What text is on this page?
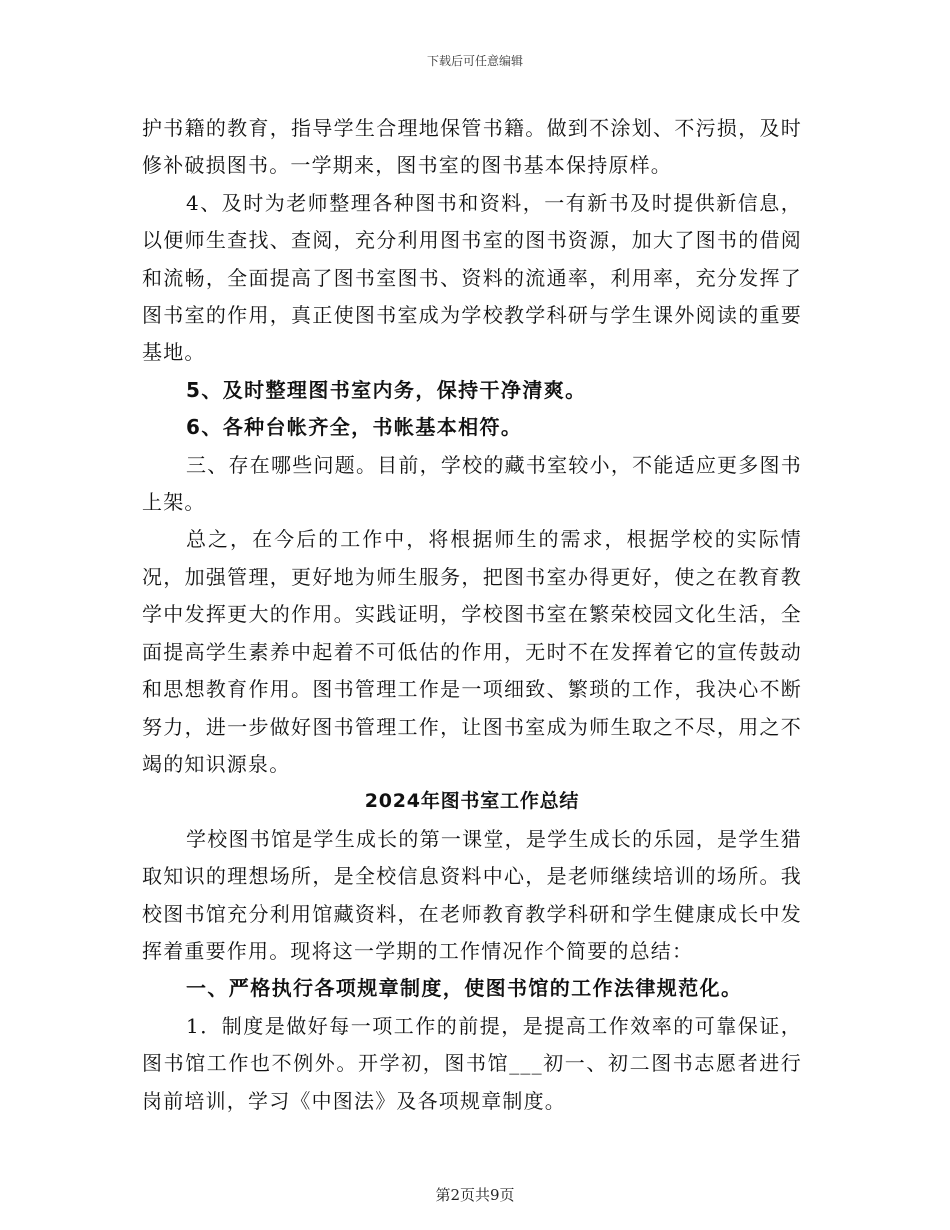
下载后可任意编辑

护书籍的教育，指导学生合理地保管书籍。做到不涂划、不污损，及时修补破损图书。一学期来，图书室的图书基本保持原样。

4、及时为老师整理各种图书和资料，一有新书及时提供新信息，以便师生查找、查阅，充分利用图书室的图书资源，加大了图书的借阅和流畅，全面提高了图书室图书、资料的流通率，利用率，充分发挥了图书室的作用，真正使图书室成为学校教学科研与学生课外阅读的重要基地。

5、及时整理图书室内务，保持干净清爽。

6、各种台帐齐全，书帐基本相符。

三、存在哪些问题。目前，学校的藏书室较小，不能适应更多图书上架。

总之，在今后的工作中，将根据师生的需求，根据学校的实际情况，加强管理，更好地为师生服务，把图书室办得更好，使之在教育教学中发挥更大的作用。实践证明，学校图书室在繁荣校园文化生活，全面提高学生素养中起着不可低估的作用，无时不在发挥着它的宣传鼓动和思想教育作用。图书管理工作是一项细致、繁琐的工作，我决心不断努力，进一步做好图书管理工作，让图书室成为师生取之不尽，用之不竭的知识源泉。

2024年图书室工作总结

学校图书馆是学生成长的第一课堂，是学生成长的乐园，是学生猎取知识的理想场所，是全校信息资料中心，是老师继续培训的场所。我校图书馆充分利用馆藏资料，在老师教育教学科研和学生健康成长中发挥着重要作用。现将这一学期的工作情况作个简要的总结：

一、严格执行各项规章制度，使图书馆的工作法律规范化。

1．制度是做好每一项工作的前提，是提高工作效率的可靠保证，图书馆工作也不例外。开学初，图书馆___初一、初二图书志愿者进行岗前培训，学习《中图法》及各项规章制度。

第2页共9页
